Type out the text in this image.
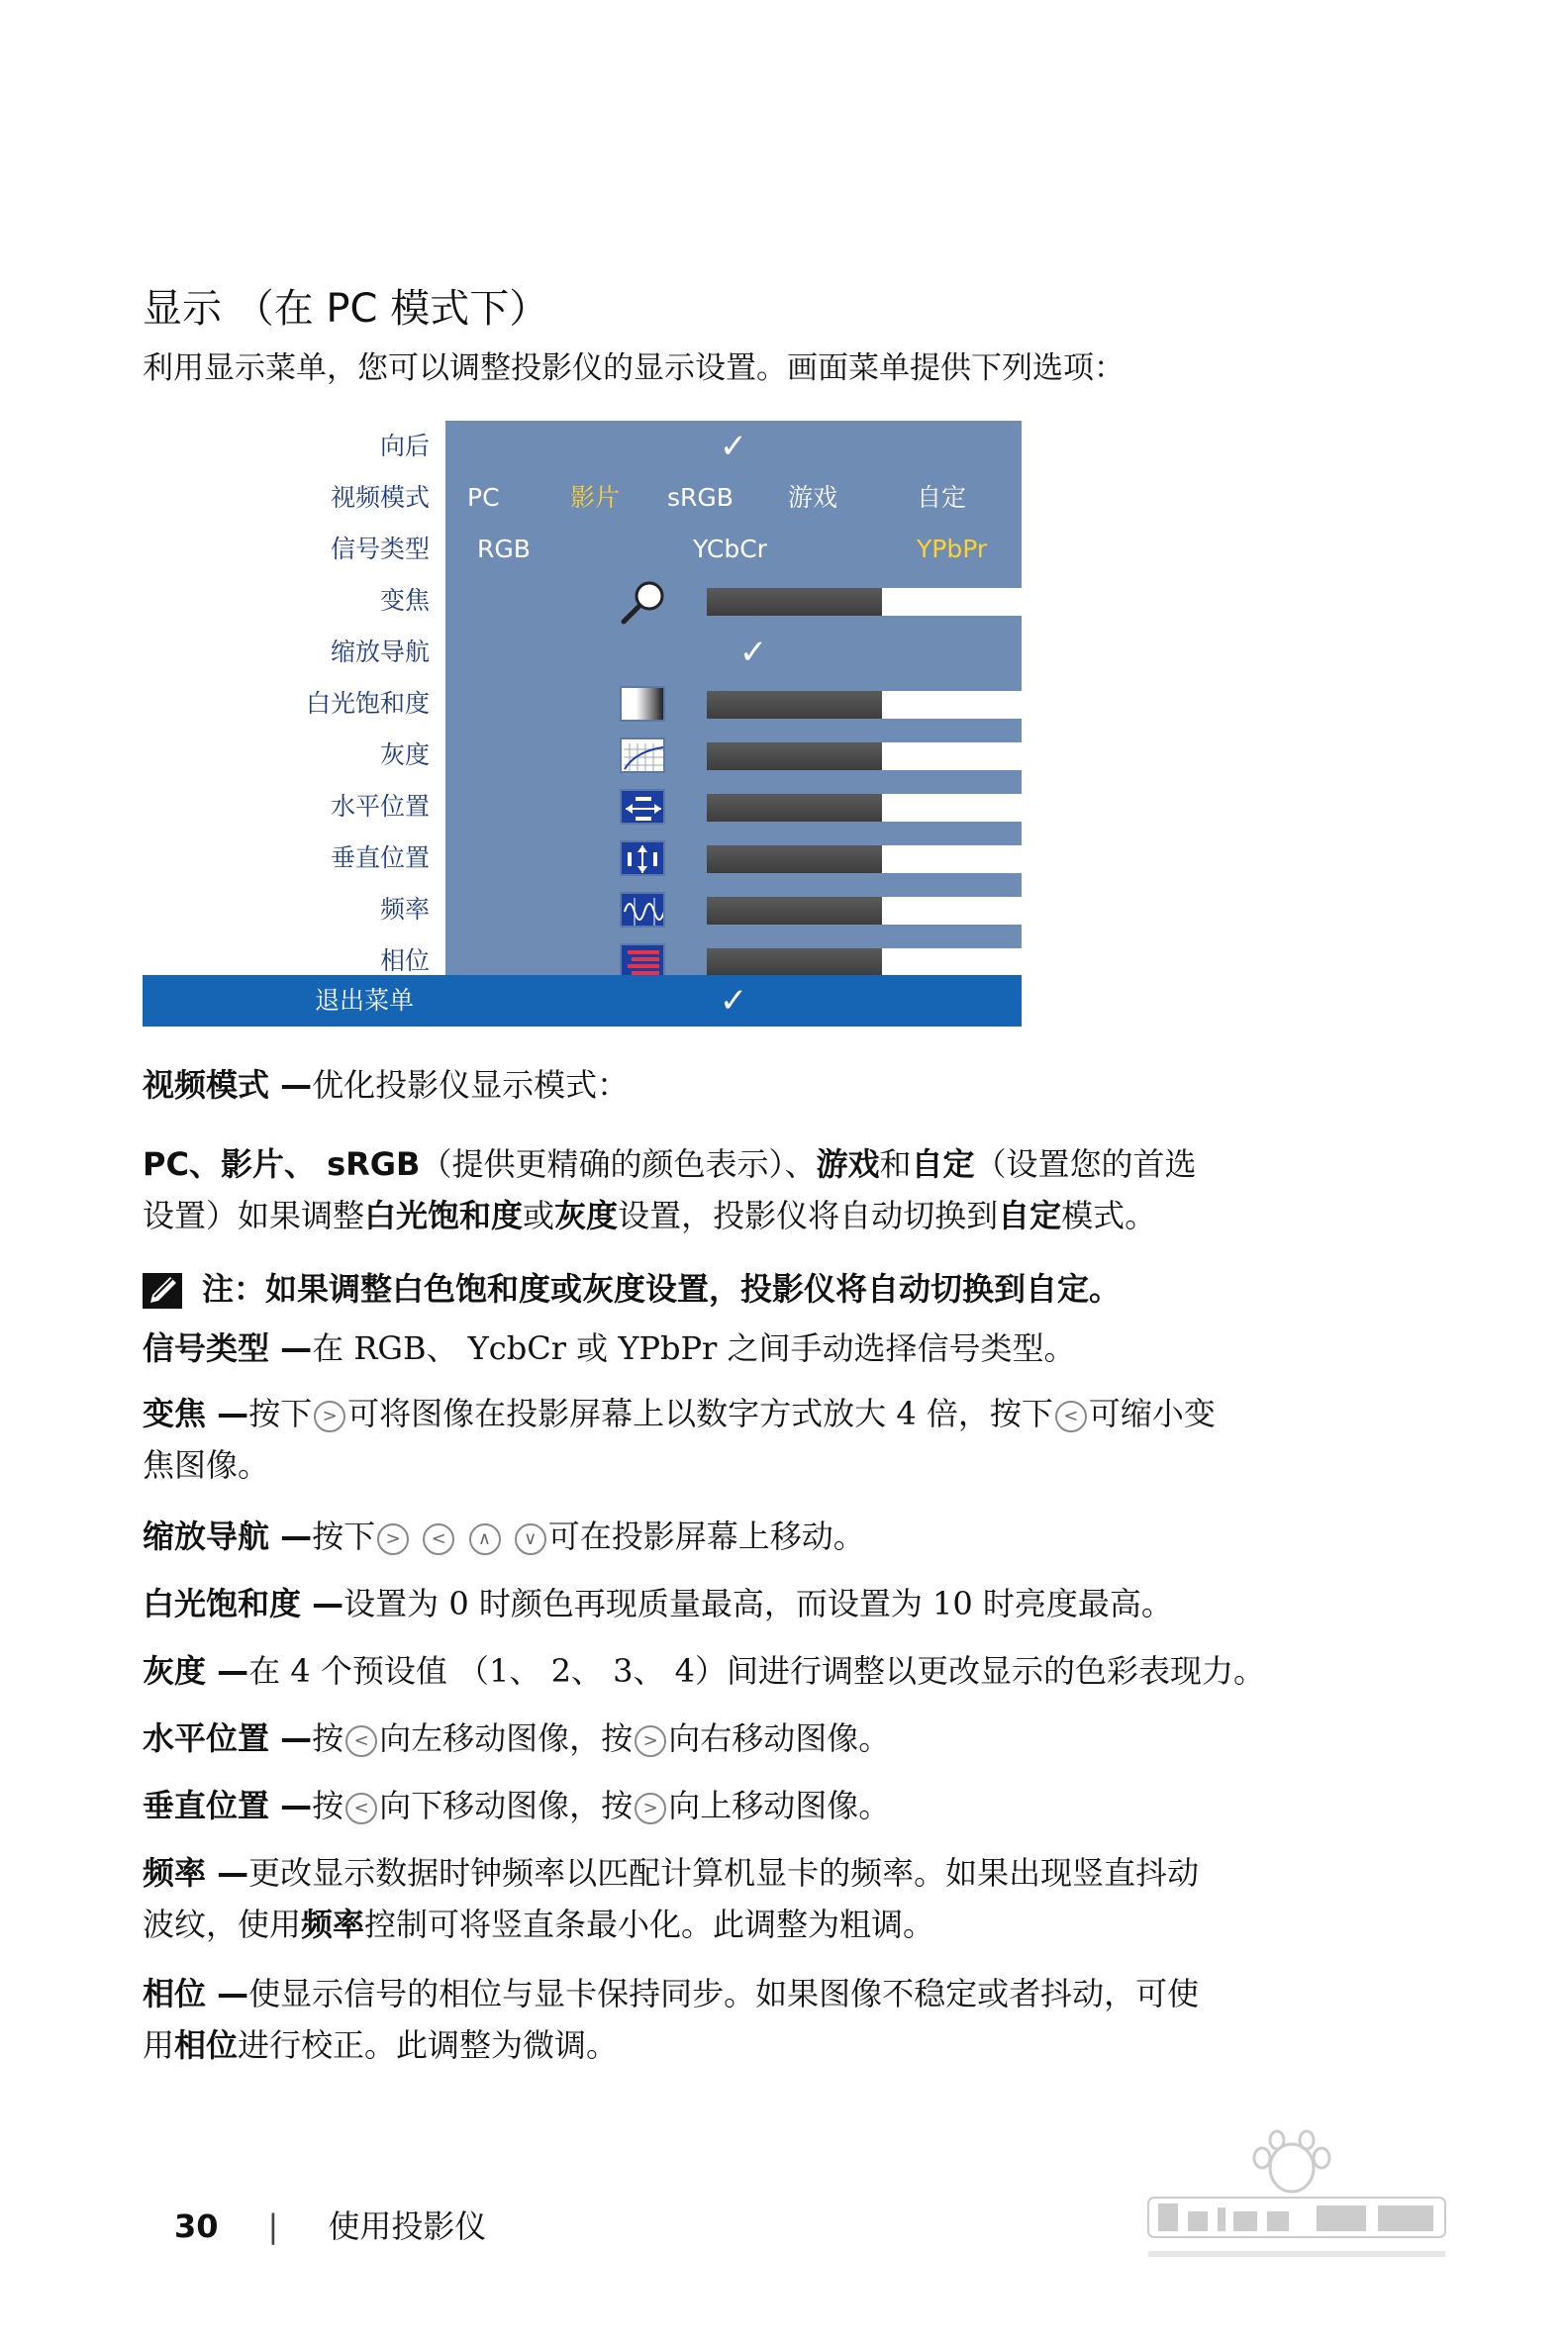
显示 （在 PC 模式下）
利用显示菜单，您可以调整投影仪的显示设置。画面菜单提供下列选项：
向后	✓
视频模式	PC	影片 sRGB 游戏	自定
信号类型	RGB	YCbCr	YPbPr
变焦	5
缩放导航	✓
白光饱和度	5
灰度	1
水平位置	50
垂直位置	50
频率	50
相位	16
退出菜单	✓
视频模式 —优化投影仪显示模式：
PC、影片、 sRGB（提供更精确的颜色表示）、游戏和自定（设置您的首选
设置）如果调整白光饱和度或灰度设置，投影仪将自动切换到自定模式。
注：如果调整白色饱和度或灰度设置，投影仪将自动切换到自定。
信号类型 —在 RGB、 YcbCr 或 YPbPr 之间手动选择信号类型。
变焦 —按下 > 可将图像在投影屏幕上以数字方式放大 4 倍，按下 < 可缩小变
焦图像。
缩放导航 —按下 > < ∧ ∨ 可在投影屏幕上移动。
白光饱和度 —设置为 0 时颜色再现质量最高，而设置为 10 时亮度最高。
灰度 —在 4 个预设值 （1、 2、 3、 4）间进行调整以更改显示的色彩表现力。
水平位置 —按 < 向左移动图像，按 > 向右移动图像。
垂直位置 —按 < 向下移动图像，按 > 向上移动图像。
频率 —更改显示数据时钟频率以匹配计算机显卡的频率。如果出现竖直抖动
波纹，使用频率控制可将竖直条最小化。此调整为粗调。
相位 —使显示信号的相位与显卡保持同步。如果图像不稳定或者抖动，可使
用相位进行校正。此调整为微调。
30 | 使用投影仪
